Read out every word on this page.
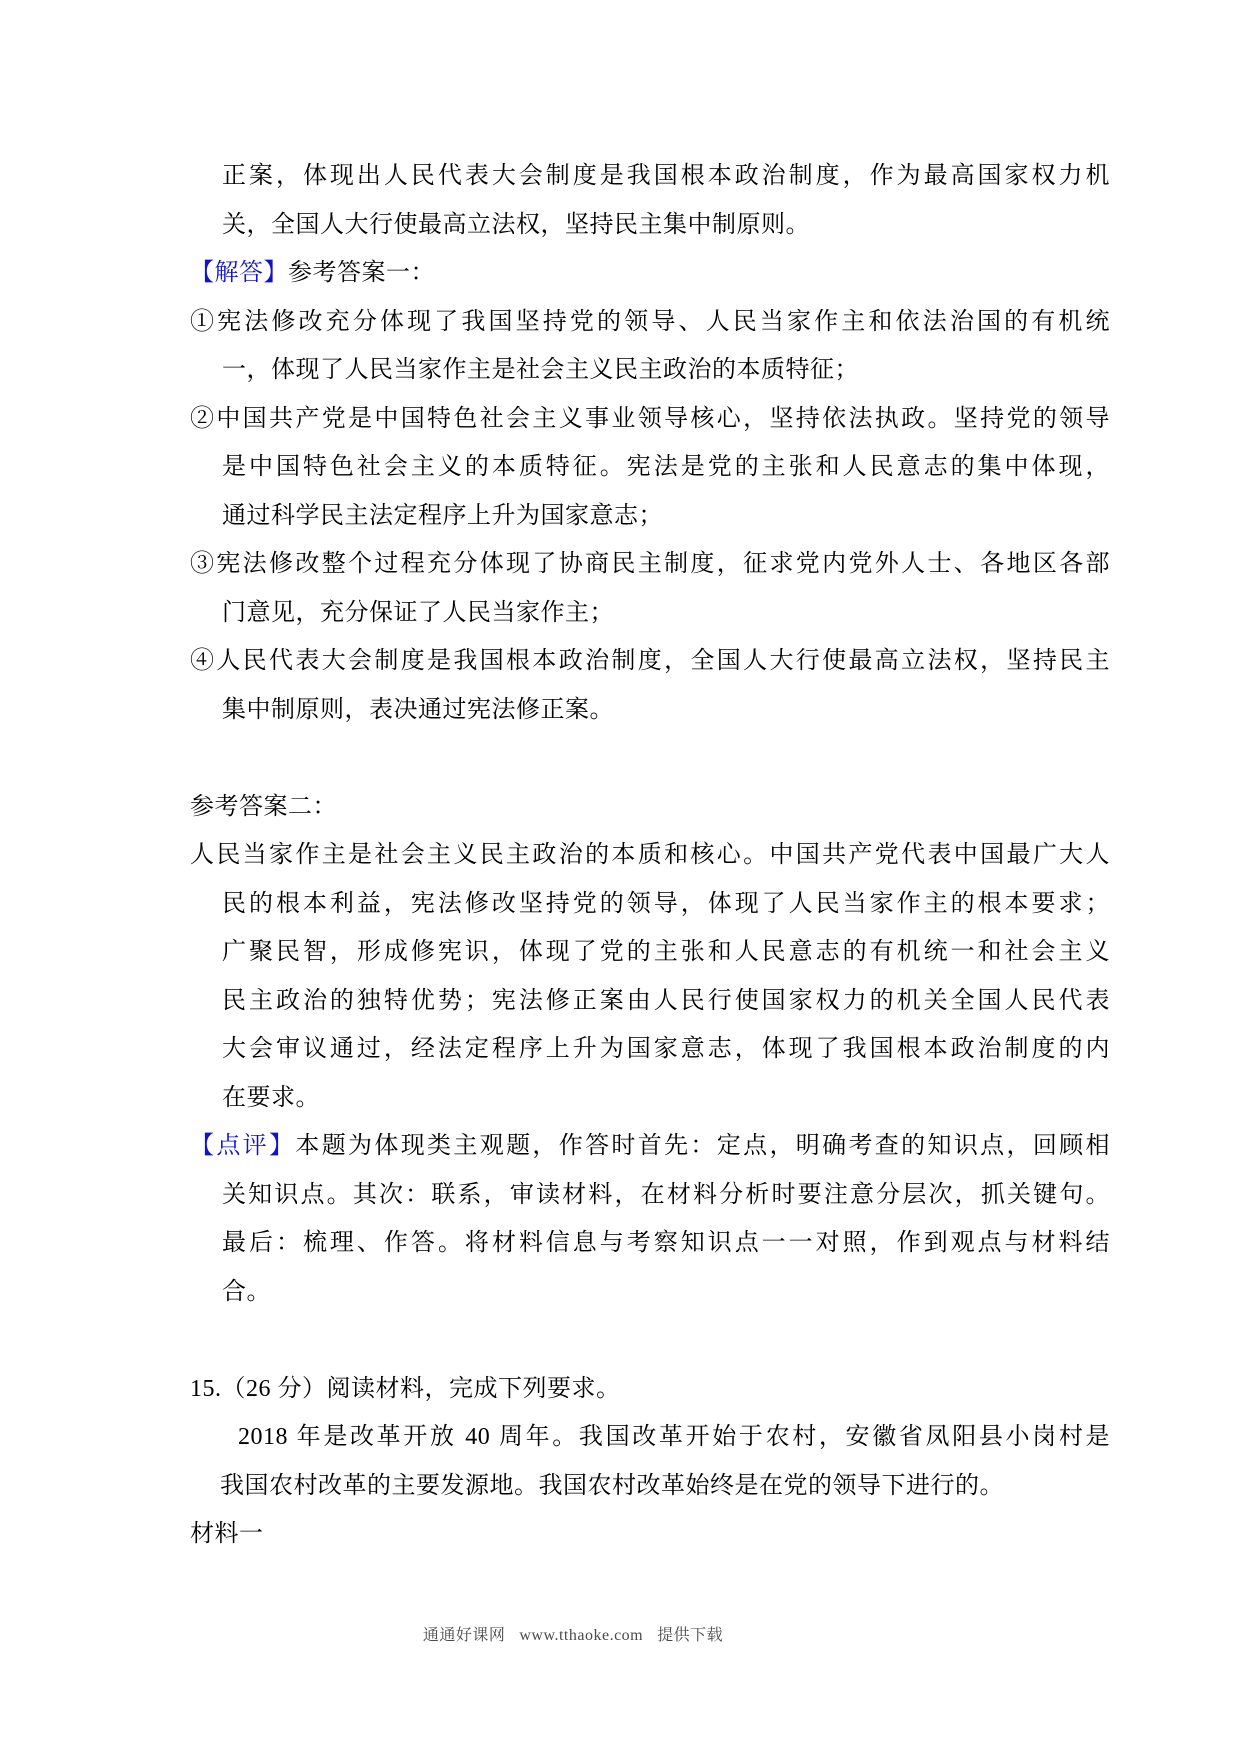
正案，体现出人民代表大会制度是我国根本政治制度，作为最高国家权力机
关，全国人大行使最高立法权，坚持民主集中制原则。
【解答】参考答案一：
①宪法修改充分体现了我国坚持党的领导、人民当家作主和依法治国的有机统
一，体现了人民当家作主是社会主义民主政治的本质特征；
②中国共产党是中国特色社会主义事业领导核心，坚持依法执政。坚持党的领导
是中国特色社会主义的本质特征。宪法是党的主张和人民意志的集中体现，
通过科学民主法定程序上升为国家意志；
③宪法修改整个过程充分体现了协商民主制度，征求党内党外人士、各地区各部
门意见，充分保证了人民当家作主；
④人民代表大会制度是我国根本政治制度，全国人大行使最高立法权，坚持民主
集中制原则，表决通过宪法修正案。
参考答案二：
人民当家作主是社会主义民主政治的本质和核心。中国共产党代表中国最广大人
民的根本利益，宪法修改坚持党的领导，体现了人民当家作主的根本要求；
广聚民智，形成修宪识，体现了党的主张和人民意志的有机统一和社会主义
民主政治的独特优势；宪法修正案由人民行使国家权力的机关全国人民代表
大会审议通过，经法定程序上升为国家意志，体现了我国根本政治制度的内
在要求。
【点评】本题为体现类主观题，作答时首先：定点，明确考查的知识点，回顾相
关知识点。其次：联系，审读材料，在材料分析时要注意分层次，抓关键句。
最后：梳理、作答。将材料信息与考察知识点一一对照，作到观点与材料结
合。
15.（26 分）阅读材料，完成下列要求。
2018 年是改革开放 40 周年。我国改革开始于农村，安徽省凤阳县小岗村是
我国农村改革的主要发源地。我国农村改革始终是在党的领导下进行的。
材料一
通通好课网 www.tthaoke.com 提供下载
